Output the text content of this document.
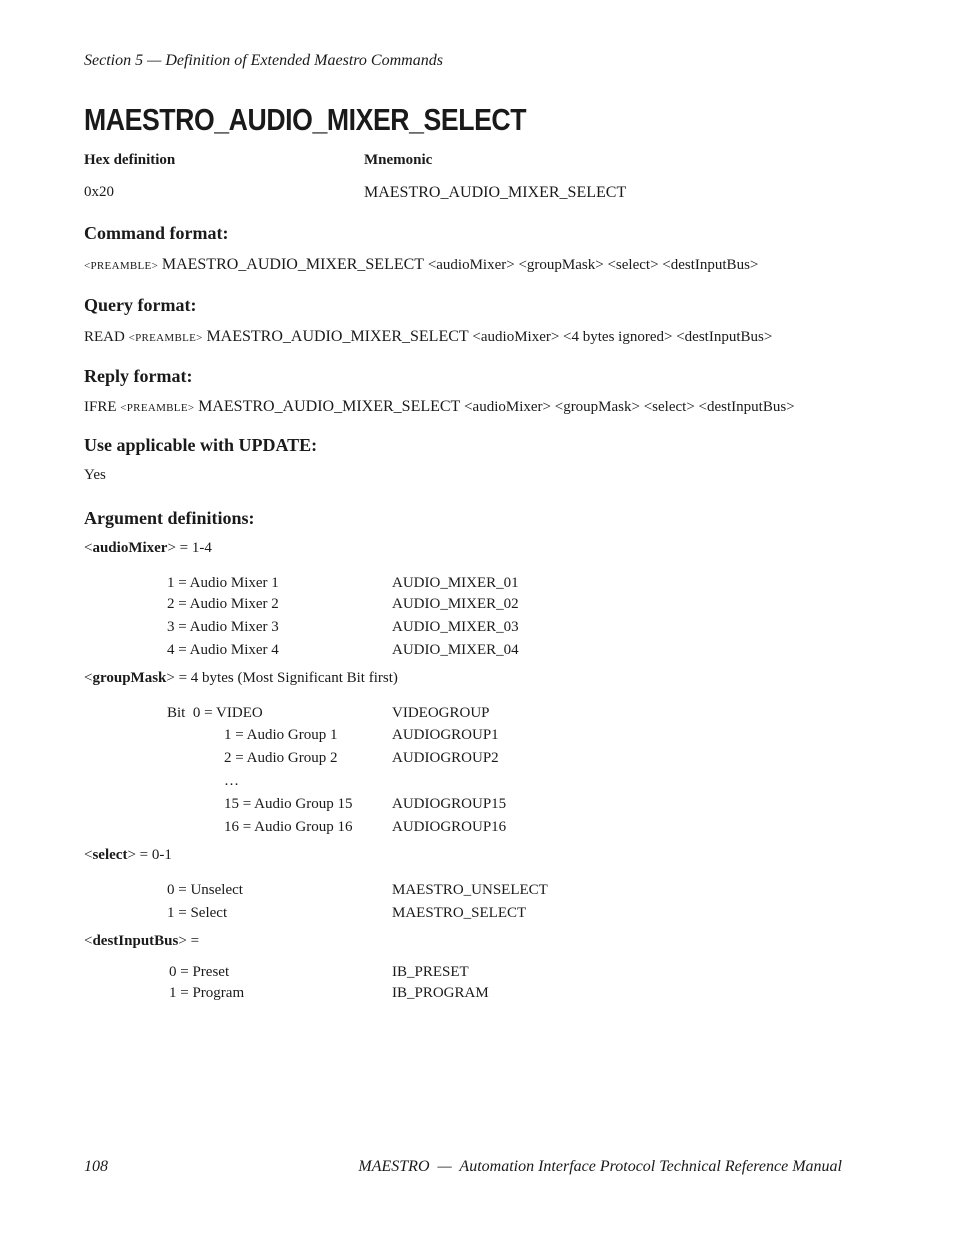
Section 5 — Definition of Extended Maestro Commands
MAESTRO_AUDIO_MIXER_SELECT
Hex definition	Mnemonic
0x20	MAESTRO_AUDIO_MIXER_SELECT
Command format:
<PREAMBLE> MAESTRO_AUDIO_MIXER_SELECT <audioMixer> <groupMask> <select> <destInputBus>
Query format:
READ <PREAMBLE> MAESTRO_AUDIO_MIXER_SELECT <audioMixer> <4 bytes ignored> <destInputBus>
Reply format:
IFRE <PREAMBLE> MAESTRO_AUDIO_MIXER_SELECT <audioMixer> <groupMask> <select> <destInputBus>
Use applicable with UPDATE:
Yes
Argument definitions:
<audioMixer> = 1-4
1 = Audio Mixer 1	AUDIO_MIXER_01
2 = Audio Mixer 2	AUDIO_MIXER_02
3 = Audio Mixer 3	AUDIO_MIXER_03
4 = Audio Mixer 4	AUDIO_MIXER_04
<groupMask> = 4 bytes (Most Significant Bit first)
Bit  0 = VIDEO	VIDEOGROUP
1 = Audio Group 1	AUDIOGROUP1
2 = Audio Group 2	AUDIOGROUP2
…
15 = Audio Group 15	AUDIOGROUP15
16 = Audio Group 16	AUDIOGROUP16
<select> = 0-1
0 = Unselect	MAESTRO_UNSELECT
1 = Select	MAESTRO_SELECT
<destInputBus> =
0 = Preset	IB_PRESET
1 = Program	IB_PROGRAM
108	MAESTRO  —  Automation Interface Protocol Technical Reference Manual
